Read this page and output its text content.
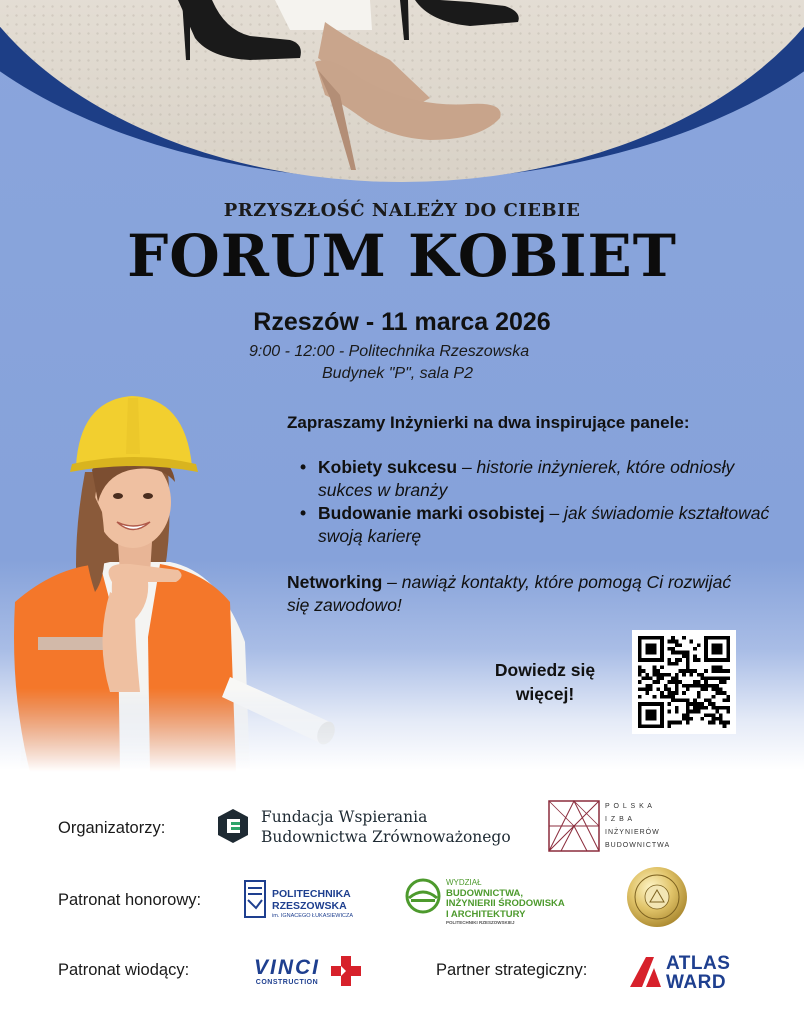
PRZYSZŁOŚĆ NALEŻY DO CIEBIE
FORUM KOBIET
Rzeszów - 11 marca 2026
9:00 - 12:00 - Politechnika Rzeszowska
Budynek "P", sala P2
Zapraszamy Inżynierki na dwa inspirujące panele:
• Kobiety sukcesu – historie inżynierek, które odniosły sukces w branży
• Budowanie marki osobistej – jak świadomie kształtować swoją karierę
Networking – nawiąż kontakty, które pomogą Ci rozwijać się zawodowo!
Dowiedz się
więcej!
Organizatorzy:
Patronat honorowy:
Patronat wiodący:	Partner strategiczny:
Fundacja Wspierania
Budownictwa Zrównoważonego
P O L S K A
I Z B A
INŻYNIERÓW
BUDOWNICTWA
POLITECHNIKA
RZESZOWSKA
im. IGNACEGO ŁUKASIEWICZA
WYDZIAŁ
BUDOWNICTWA,
INŻYNIERII ŚRODOWISKA
I ARCHITEKTURY
POLITECHNIKI RZESZOWSKIEJ
VINCI
CONSTRUCTION
ATLAS
WARD
